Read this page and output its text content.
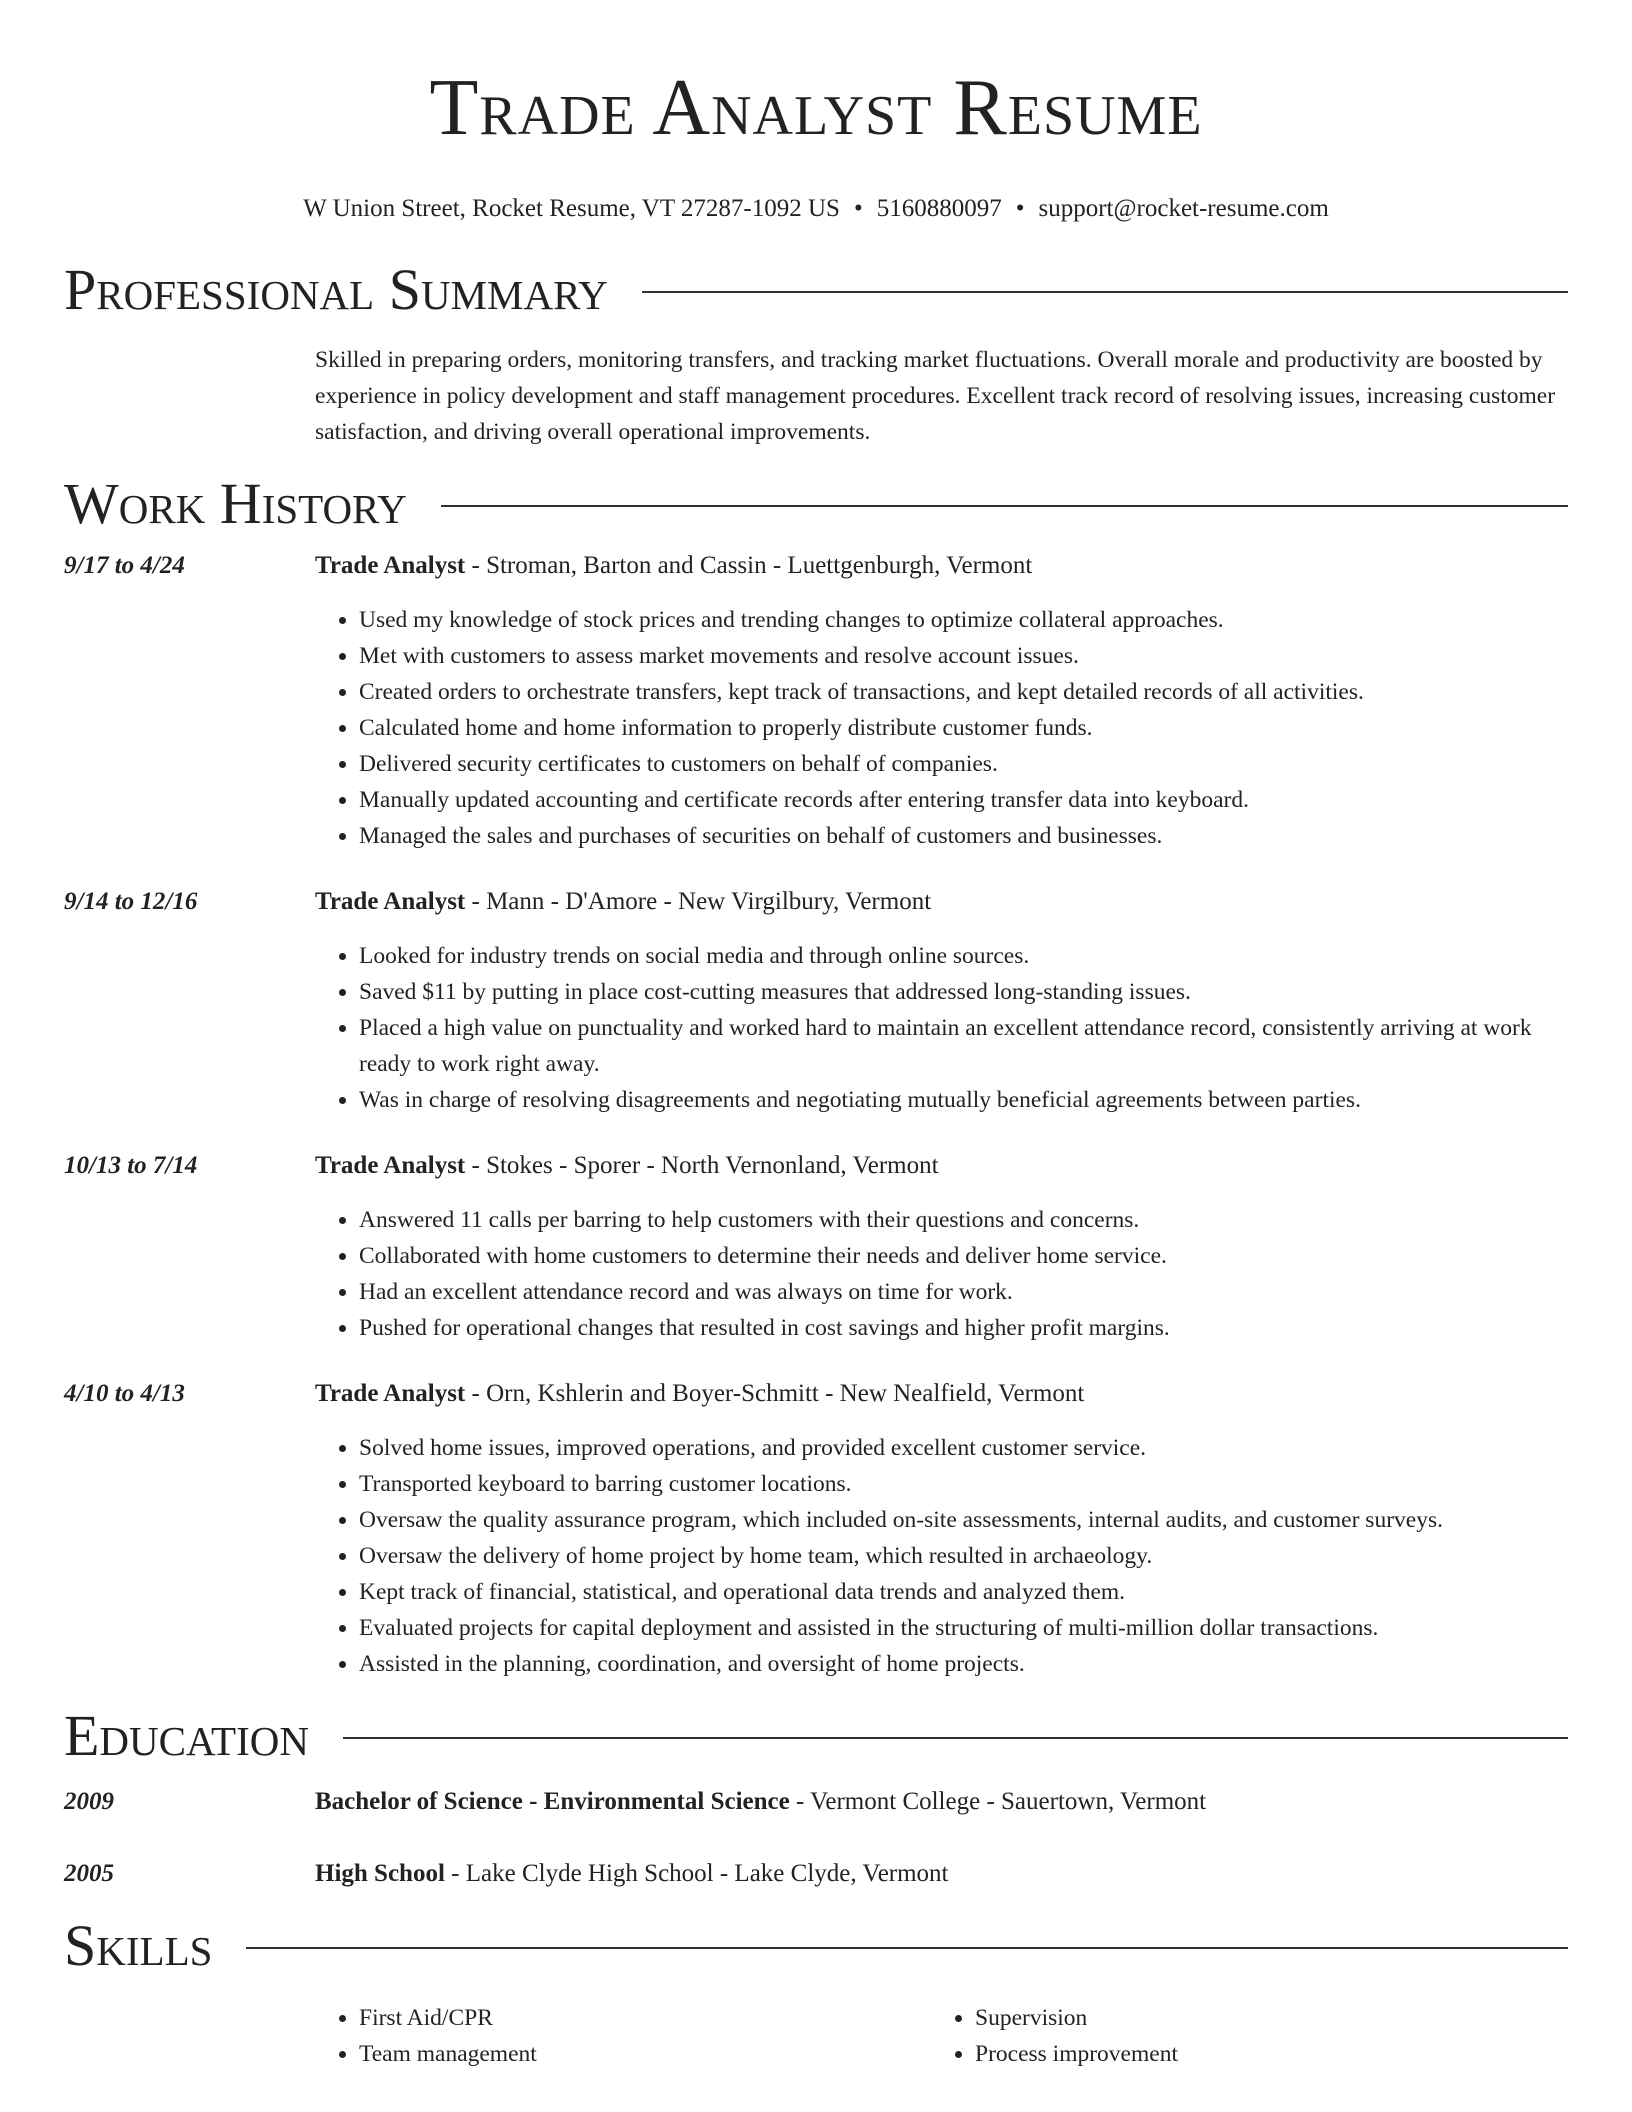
Trade Analyst Resume
W Union Street, Rocket Resume, VT 27287-1092 US • 5160880097 • support@rocket-resume.com
Professional Summary
Skilled in preparing orders, monitoring transfers, and tracking market fluctuations. Overall morale and productivity are boosted by experience in policy development and staff management procedures. Excellent track record of resolving issues, increasing customer satisfaction, and driving overall operational improvements.
Work History
9/17 to 4/24	Trade Analyst - Stroman, Barton and Cassin - Luettgenburgh, Vermont
• Used my knowledge of stock prices and trending changes to optimize collateral approaches.
• Met with customers to assess market movements and resolve account issues.
• Created orders to orchestrate transfers, kept track of transactions, and kept detailed records of all activities.
• Calculated home and home information to properly distribute customer funds.
• Delivered security certificates to customers on behalf of companies.
• Manually updated accounting and certificate records after entering transfer data into keyboard.
• Managed the sales and purchases of securities on behalf of customers and businesses.
9/14 to 12/16	Trade Analyst - Mann - D'Amore - New Virgilbury, Vermont
• Looked for industry trends on social media and through online sources.
• Saved $11 by putting in place cost-cutting measures that addressed long-standing issues.
• Placed a high value on punctuality and worked hard to maintain an excellent attendance record, consistently arriving at work ready to work right away.
• Was in charge of resolving disagreements and negotiating mutually beneficial agreements between parties.
10/13 to 7/14	Trade Analyst - Stokes - Sporer - North Vernonland, Vermont
• Answered 11 calls per barring to help customers with their questions and concerns.
• Collaborated with home customers to determine their needs and deliver home service.
• Had an excellent attendance record and was always on time for work.
• Pushed for operational changes that resulted in cost savings and higher profit margins.
4/10 to 4/13	Trade Analyst - Orn, Kshlerin and Boyer-Schmitt - New Nealfield, Vermont
• Solved home issues, improved operations, and provided excellent customer service.
• Transported keyboard to barring customer locations.
• Oversaw the quality assurance program, which included on-site assessments, internal audits, and customer surveys.
• Oversaw the delivery of home project by home team, which resulted in archaeology.
• Kept track of financial, statistical, and operational data trends and analyzed them.
• Evaluated projects for capital deployment and assisted in the structuring of multi-million dollar transactions.
• Assisted in the planning, coordination, and oversight of home projects.
Education
2009	Bachelor of Science - Environmental Science - Vermont College - Sauertown, Vermont
2005	High School - Lake Clyde High School - Lake Clyde, Vermont
Skills
• First Aid/CPR
• Team management
• Supervision
• Process improvement
